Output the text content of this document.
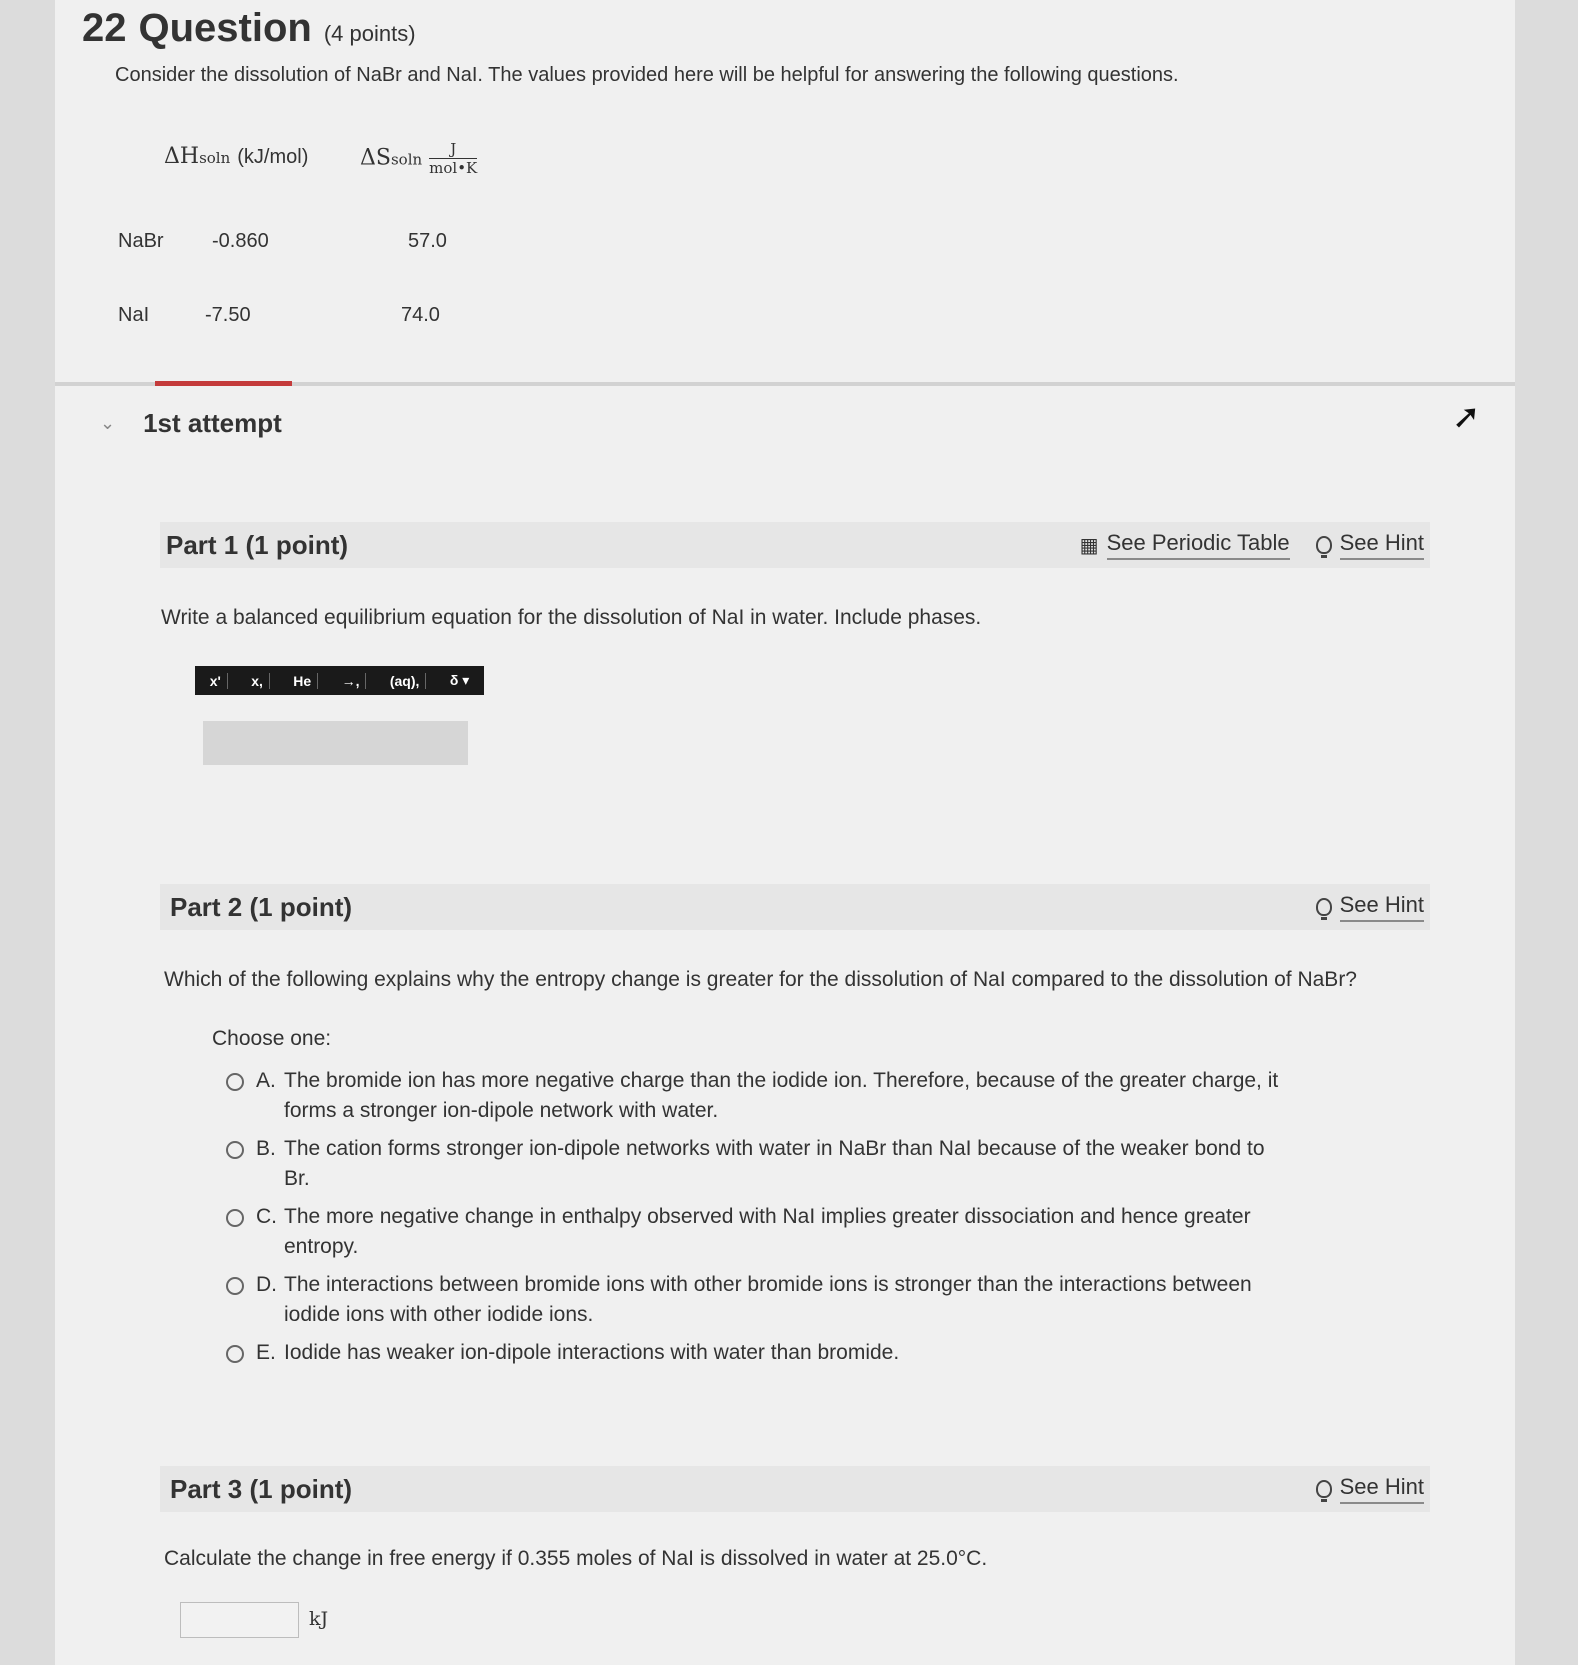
22 Question (4 points)
Consider the dissolution of NaBr and NaI. The values provided here will be helpful for answering the following questions.
ΔHsoln (kJ/mol) ΔSsoln $\frac{J}{\text{mol•K}}$
NaBr -0.860	57.0
NaI	-7.50	74.0
⌄ 1st attempt	➚
Part 1 (1 point)	▦ See Periodic Table See Hint
Write a balanced equilibrium equation for the dissolution of NaI in water. Include phases.
x'	x,	He	→,	(aq),	δ ▾
Part 2 (1 point)	See Hint
Which of the following explains why the entropy change is greater for the dissolution of NaI compared to the dissolution of NaBr?
Choose one:
A. The bromide ion has more negative charge than the iodide ion. Therefore, because of the greater charge, it forms a stronger ion-dipole network with water.
B. The cation forms stronger ion-dipole networks with water in NaBr than NaI because of the weaker bond to Br.
C. The more negative change in enthalpy observed with NaI implies greater dissociation and hence greater entropy.
D. The interactions between bromide ions with other bromide ions is stronger than the interactions between iodide ions with other iodide ions.
E. Iodide has weaker ion-dipole interactions with water than bromide.
Part 3 (1 point)	See Hint
Calculate the change in free energy if 0.355 moles of NaI is dissolved in water at 25.0°C.
kJ
